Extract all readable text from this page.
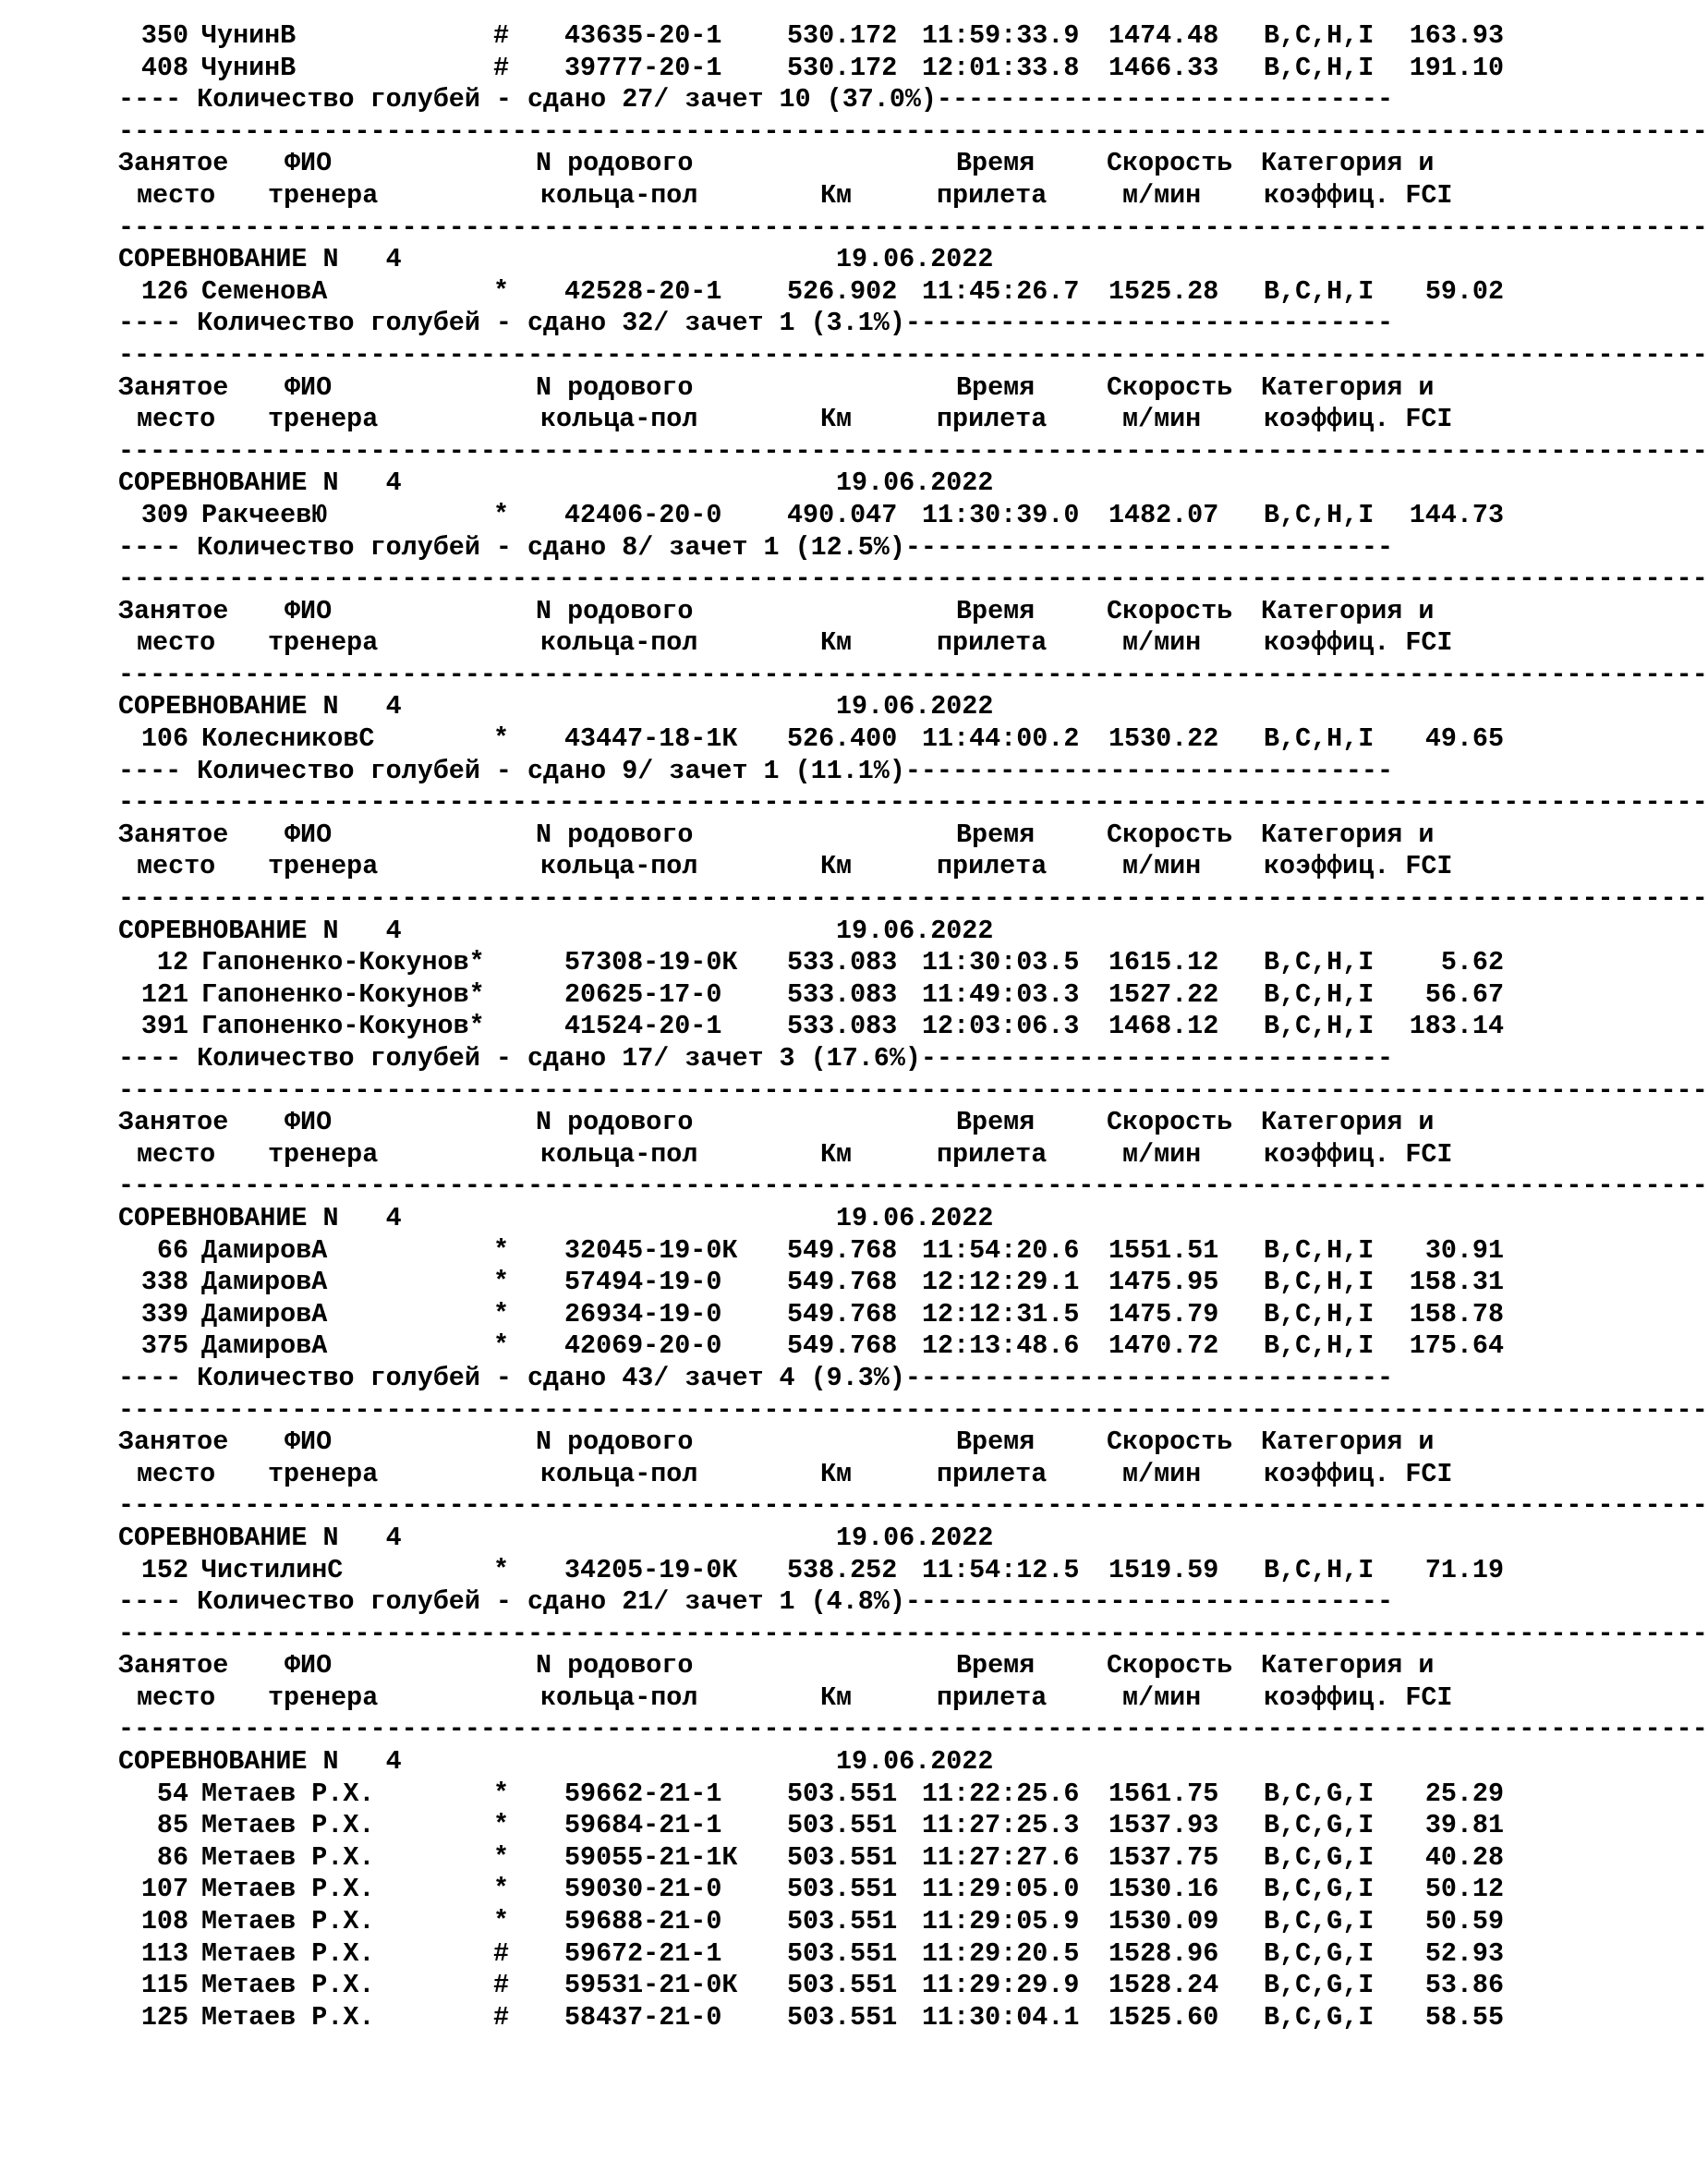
350 ЧунинВ	# 43635-20-1 530.172 11:59:33.9 1474.48 B,C,H,I 163.93
408 ЧунинВ	# 39777-20-1 530.172 12:01:33.8 1466.33 B,C,H,I 191.10
---- Количество голубей - сдано 27/ зачет 10 (37.0%)-----------------------------
-----------------------------------------------------------------------------------------------------
Занятое ФИО	N родового	Время	Скорость Категория и
место тренера	кольца-пол	Км	прилета	м/мин коэффиц. FCI
-----------------------------------------------------------------------------------------------------
СОРЕВНОВАНИЕ N   4	19.06.2022
126 СеменовА	* 42528-20-1 526.902 11:45:26.7 1525.28 B,C,H,I 59.02
---- Количество голубей - сдано 32/ зачет 1 (3.1%)-------------------------------
-----------------------------------------------------------------------------------------------------
Занятое ФИО	N родового	Время	Скорость Категория и
место тренера	кольца-пол	Км	прилета	м/мин коэффиц. FCI
-----------------------------------------------------------------------------------------------------
СОРЕВНОВАНИЕ N   4	19.06.2022
309 РакчеевЮ	* 42406-20-0 490.047 11:30:39.0 1482.07 B,C,H,I 144.73
---- Количество голубей - сдано 8/ зачет 1 (12.5%)-------------------------------
-----------------------------------------------------------------------------------------------------
Занятое ФИО	N родового	Время	Скорость Категория и
место тренера	кольца-пол	Км	прилета	м/мин коэффиц. FCI
-----------------------------------------------------------------------------------------------------
СОРЕВНОВАНИЕ N   4	19.06.2022
106 КолесниковС	* 43447-18-1К 526.400 11:44:00.2 1530.22 B,C,H,I 49.65
---- Количество голубей - сдано 9/ зачет 1 (11.1%)-------------------------------
-----------------------------------------------------------------------------------------------------
Занятое ФИО	N родового	Время	Скорость Категория и
место тренера	кольца-пол	Км	прилета	м/мин коэффиц. FCI
-----------------------------------------------------------------------------------------------------
СОРЕВНОВАНИЕ N   4	19.06.2022
12 Гапоненко-Кокунов*	57308-19-0К 533.083 11:30:03.5 1615.12 B,C,H,I	5.62
121 Гапоненко-Кокунов*	20625-17-0 533.083 11:49:03.3 1527.22 B,C,H,I 56.67
391 Гапоненко-Кокунов*	41524-20-1 533.083 12:03:06.3 1468.12 B,C,H,I 183.14
---- Количество голубей - сдано 17/ зачет 3 (17.6%)------------------------------
-----------------------------------------------------------------------------------------------------
Занятое ФИО	N родового	Время	Скорость Категория и
место тренера	кольца-пол	Км	прилета	м/мин коэффиц. FCI
-----------------------------------------------------------------------------------------------------
СОРЕВНОВАНИЕ N   4	19.06.2022
66 ДамировА	* 32045-19-0К 549.768 11:54:20.6 1551.51 B,C,H,I 30.91
338 ДамировА	* 57494-19-0 549.768 12:12:29.1 1475.95 B,C,H,I 158.31
339 ДамировА	* 26934-19-0 549.768 12:12:31.5 1475.79 B,C,H,I 158.78
375 ДамировА	* 42069-20-0 549.768 12:13:48.6 1470.72 B,C,H,I 175.64
---- Количество голубей - сдано 43/ зачет 4 (9.3%)-------------------------------
-----------------------------------------------------------------------------------------------------
Занятое ФИО	N родового	Время	Скорость Категория и
место тренера	кольца-пол	Км	прилета	м/мин коэффиц. FCI
-----------------------------------------------------------------------------------------------------
СОРЕВНОВАНИЕ N   4	19.06.2022
152 ЧистилинС	* 34205-19-0К 538.252 11:54:12.5 1519.59 B,C,H,I 71.19
---- Количество голубей - сдано 21/ зачет 1 (4.8%)-------------------------------
-----------------------------------------------------------------------------------------------------
Занятое ФИО	N родового	Время	Скорость Категория и
место тренера	кольца-пол	Км	прилета	м/мин коэффиц. FCI
-----------------------------------------------------------------------------------------------------
СОРЕВНОВАНИЕ N   4	19.06.2022
54 Метаев Р.Х.	* 59662-21-1 503.551 11:22:25.6 1561.75 B,C,G,I 25.29
85 Метаев Р.Х.	* 59684-21-1 503.551 11:27:25.3 1537.93 B,C,G,I 39.81
86 Метаев Р.Х.	* 59055-21-1К 503.551 11:27:27.6 1537.75 B,C,G,I 40.28
107 Метаев Р.Х.	* 59030-21-0 503.551 11:29:05.0 1530.16 B,C,G,I 50.12
108 Метаев Р.Х.	* 59688-21-0 503.551 11:29:05.9 1530.09 B,C,G,I 50.59
113 Метаев Р.Х.	# 59672-21-1 503.551 11:29:20.5 1528.96 B,C,G,I 52.93
115 Метаев Р.Х.	# 59531-21-0К 503.551 11:29:29.9 1528.24 B,C,G,I 53.86
125 Метаев Р.Х.	# 58437-21-0 503.551 11:30:04.1 1525.60 B,C,G,I 58.55
